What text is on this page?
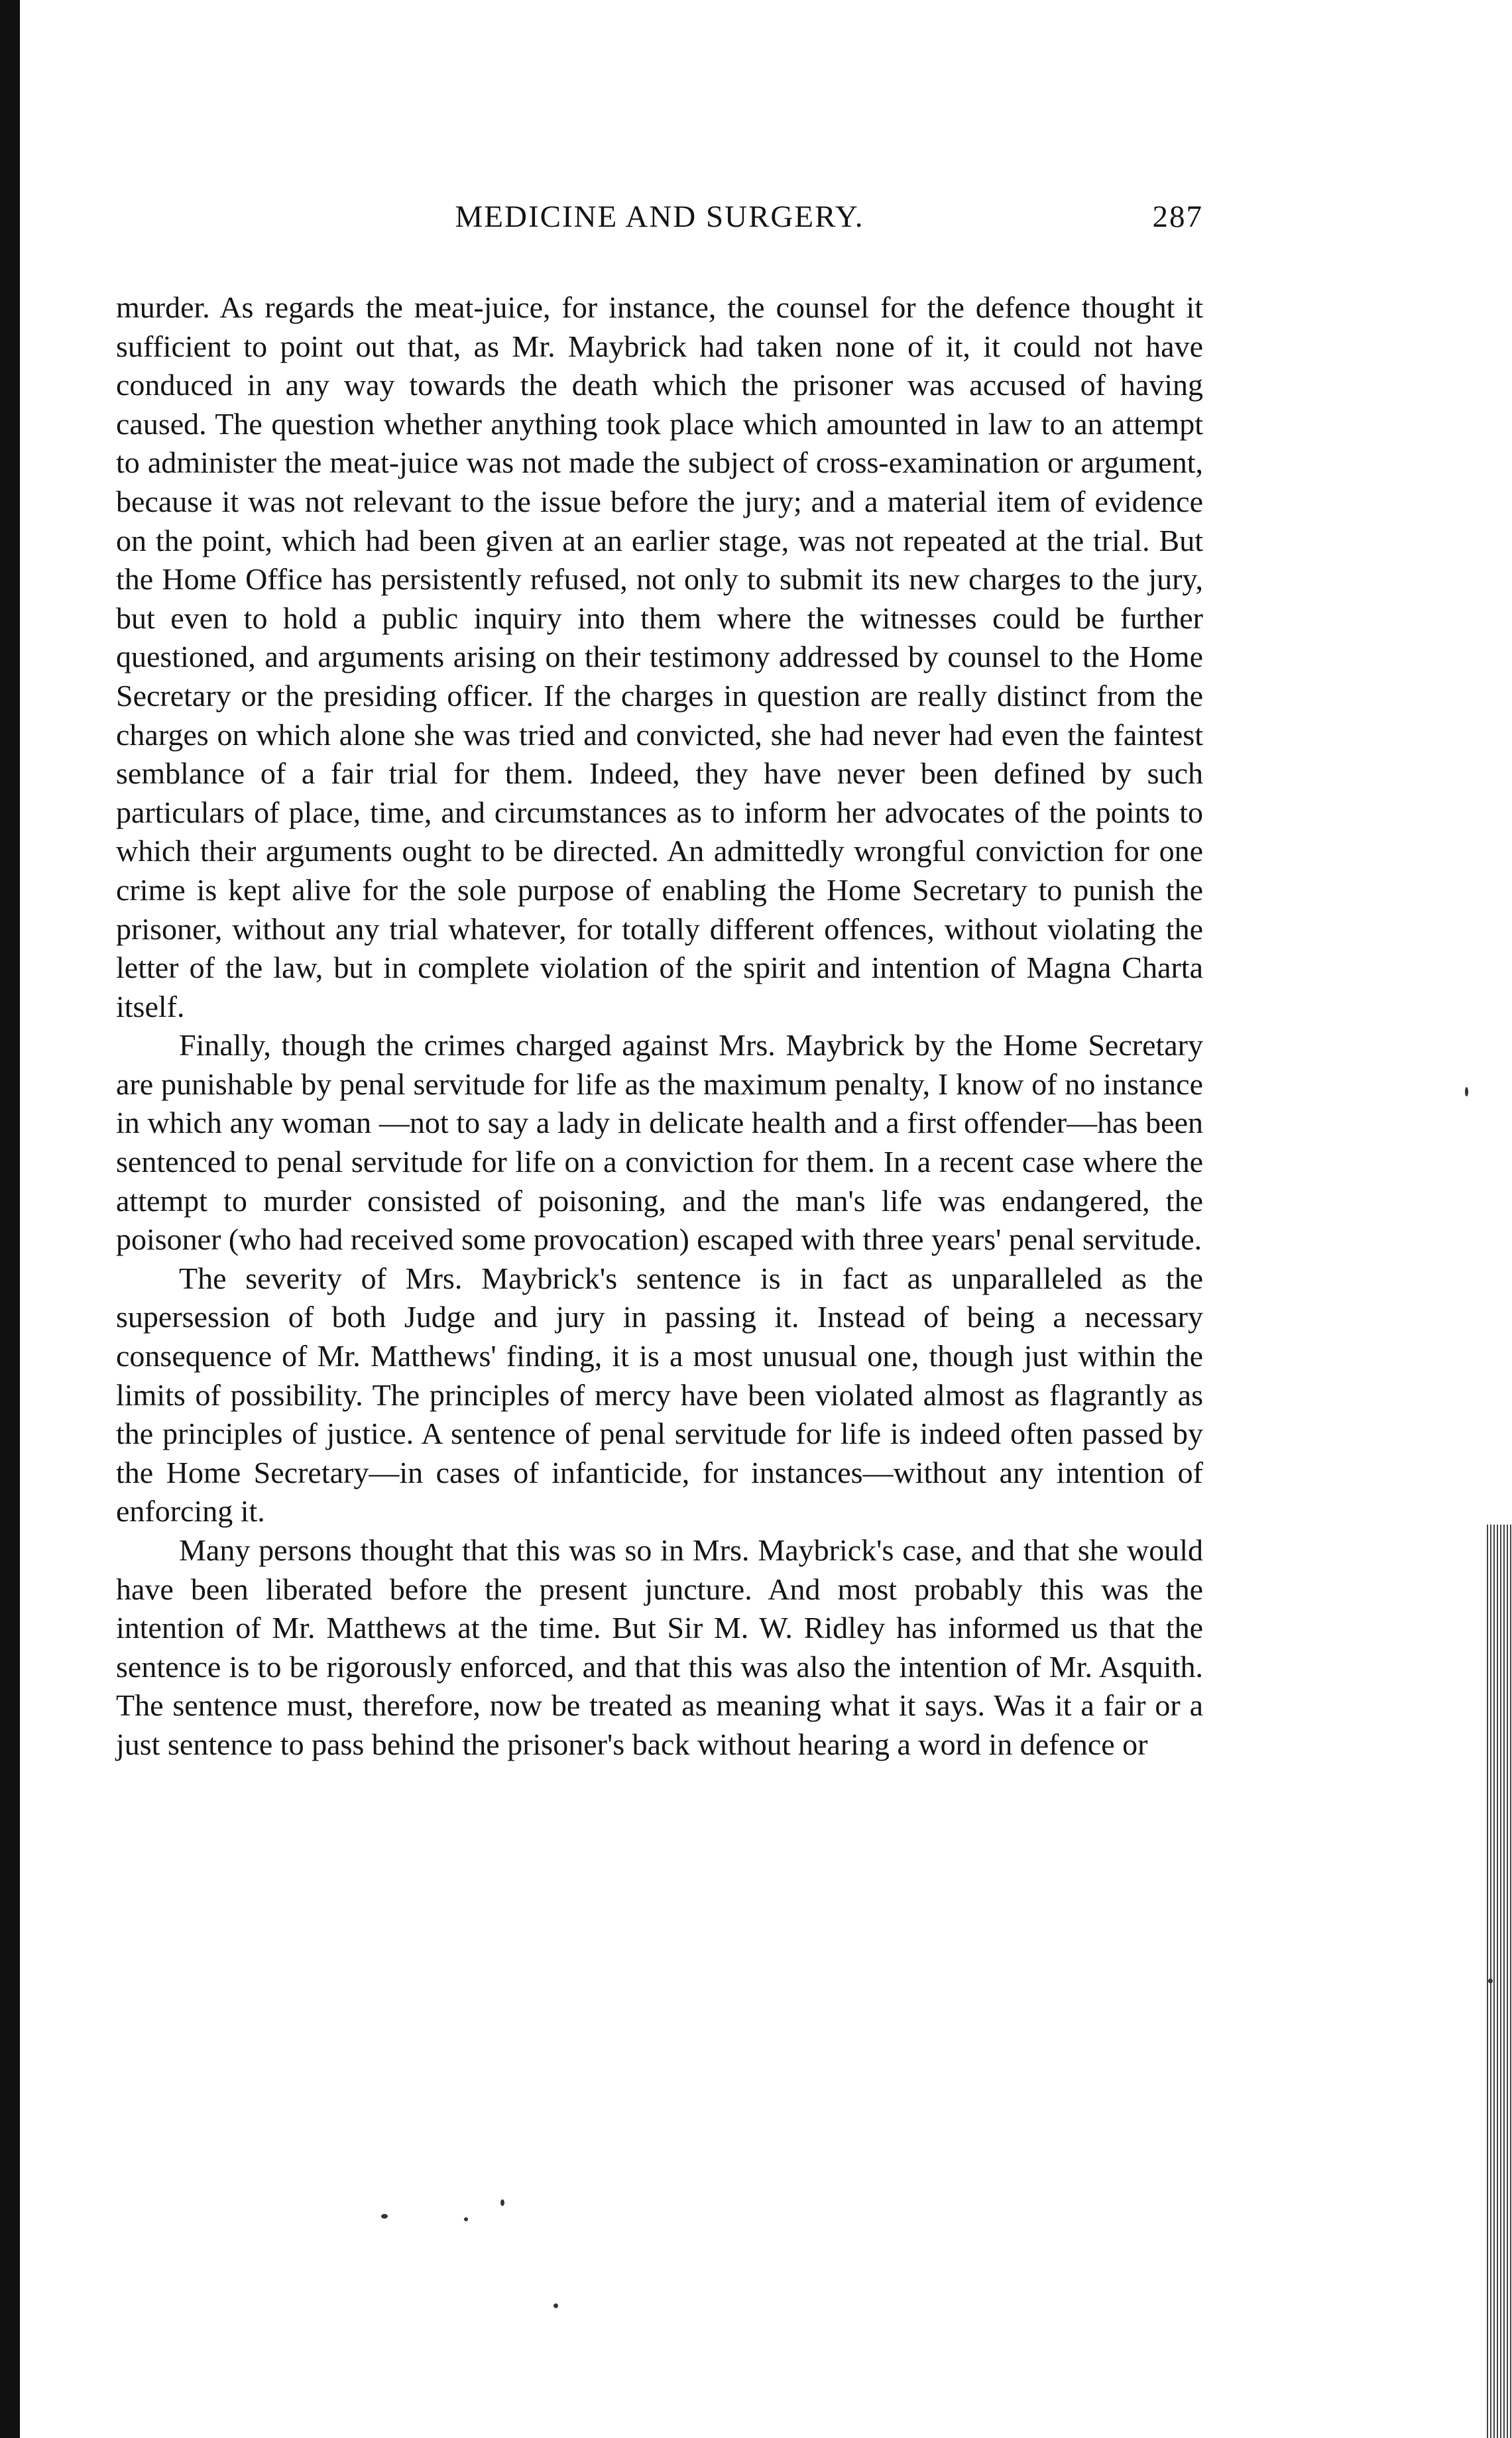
MEDICINE AND SURGERY.	287

murder. As regards the meat-juice, for instance, the counsel for the defence thought it sufficient to point out that, as Mr. Maybrick had taken none of it, it could not have conduced in any way towards the death which the prisoner was accused of having caused. The question whether anything took place which amounted in law to an attempt to administer the meat-juice was not made the subject of cross-examination or argument, because it was not relevant to the issue before the jury; and a material item of evidence on the point, which had been given at an earlier stage, was not repeated at the trial. But the Home Office has persistently refused, not only to submit its new charges to the jury, but even to hold a public inquiry into them where the witnesses could be further questioned, and arguments arising on their testimony addressed by counsel to the Home Secretary or the presiding officer. If the charges in question are really distinct from the charges on which alone she was tried and convicted, she had never had even the faintest semblance of a fair trial for them. Indeed, they have never been defined by such particulars of place, time, and circumstances as to inform her advocates of the points to which their arguments ought to be directed. An admittedly wrongful conviction for one crime is kept alive for the sole purpose of enabling the Home Secretary to punish the prisoner, without any trial whatever, for totally different offences, without violating the letter of the law, but in complete violation of the spirit and intention of Magna Charta itself.

Finally, though the crimes charged against Mrs. Maybrick by the Home Secretary are punishable by penal servitude for life as the maximum penalty, I know of no instance in which any woman —not to say a lady in delicate health and a first offender—has been sentenced to penal servitude for life on a conviction for them. In a recent case where the attempt to murder consisted of poisoning, and the man's life was endangered, the poisoner (who had received some provocation) escaped with three years' penal servitude.

The severity of Mrs. Maybrick's sentence is in fact as unparalleled as the supersession of both Judge and jury in passing it. Instead of being a necessary consequence of Mr. Matthews' finding, it is a most unusual one, though just within the limits of possibility. The principles of mercy have been violated almost as flagrantly as the principles of justice. A sentence of penal servitude for life is indeed often passed by the Home Secretary—in cases of infanticide, for instances—without any intention of enforcing it.

Many persons thought that this was so in Mrs. Maybrick's case, and that she would have been liberated before the present juncture. And most probably this was the intention of Mr. Matthews at the time. But Sir M. W. Ridley has informed us that the sentence is to be rigorously enforced, and that this was also the intention of Mr. Asquith. The sentence must, therefore, now be treated as meaning what it says. Was it a fair or a just sentence to pass behind the prisoner's back without hearing a word in defence or
